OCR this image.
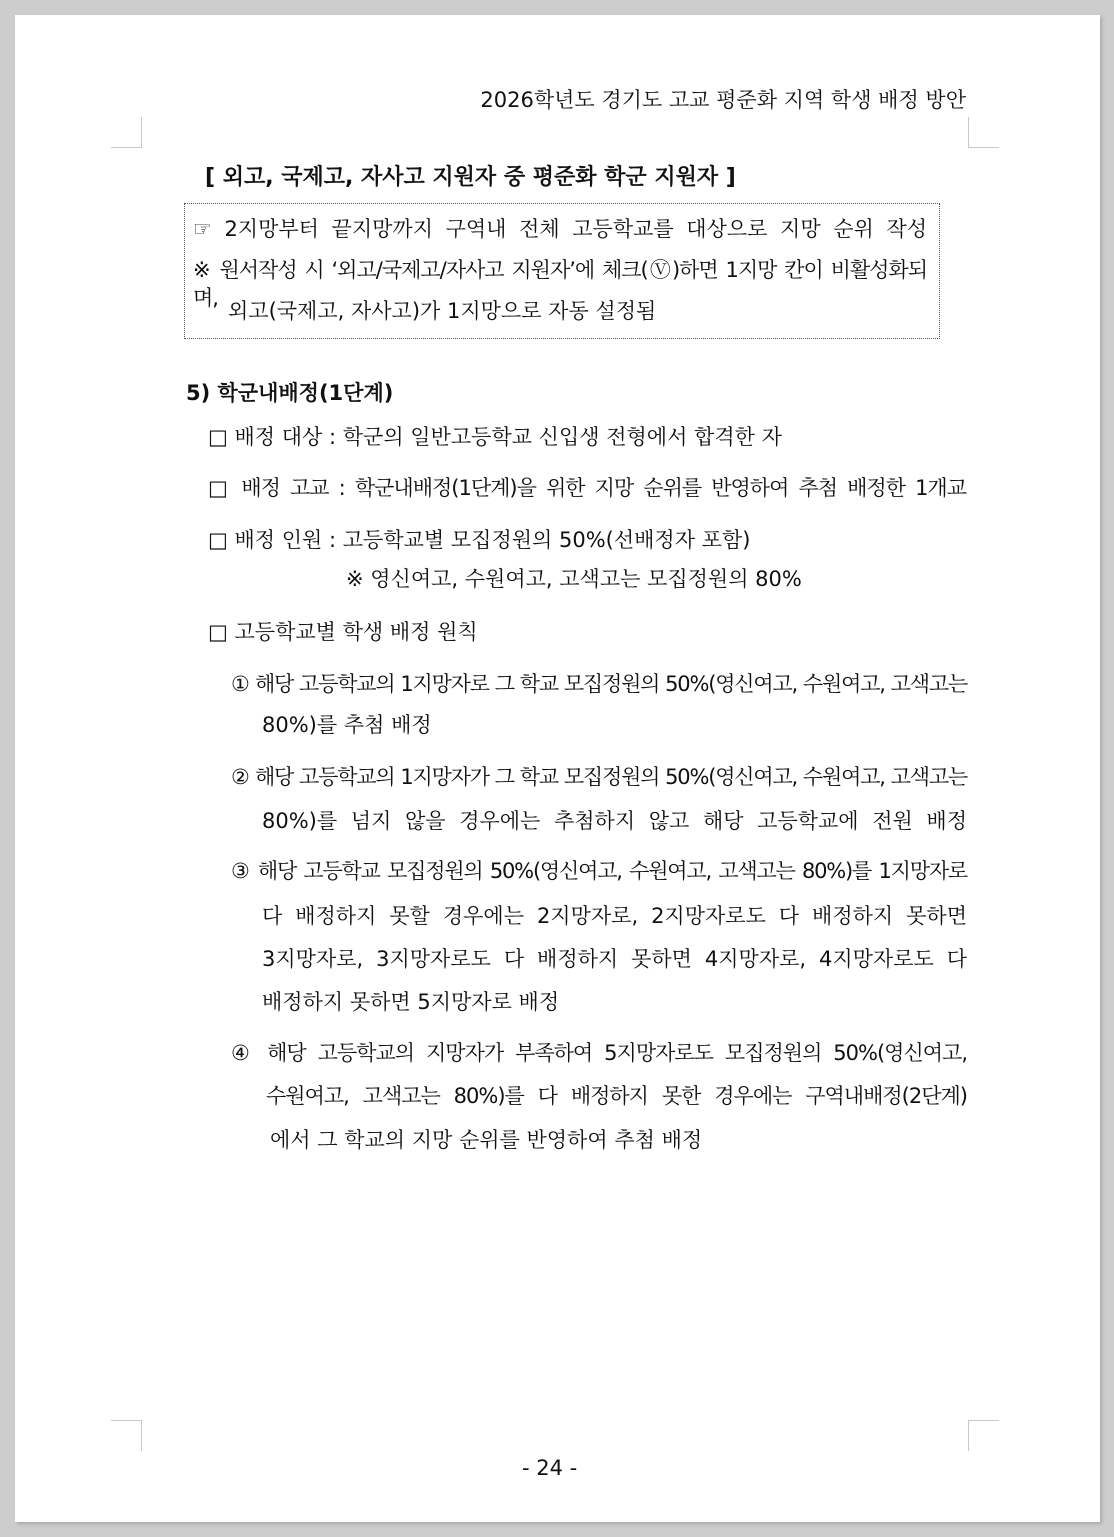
2026학년도 경기도 고교 평준화 지역 학생 배정 방안
[ 외고, 국제고, 자사고 지원자 중 평준화 학군 지원자 ]
☞ 2지망부터 끝지망까지 구역내 전체 고등학교를 대상으로 지망 순위 작성
※ 원서작성 시 ‘외고/국제고/자사고 지원자’에 체크(Ⓥ)하면 1지망 칸이 비활성화되며,
외고(국제고, 자사고)가 1지망으로 자동 설정됨
5) 학군내배정(1단계)
□ 배정 대상 : 학군의 일반고등학교 신입생 전형에서 합격한 자
□ 배정 고교 : 학군내배정(1단계)을 위한 지망 순위를 반영하여 추첨 배정한 1개교
□ 배정 인원 : 고등학교별 모집정원의 50%(선배정자 포함)
※ 영신여고, 수원여고, 고색고는 모집정원의 80%
□ 고등학교별 학생 배정 원칙
① 해당 고등학교의 1지망자로 그 학교 모집정원의 50%(영신여고, 수원여고, 고색고는
80%)를 추첨 배정
② 해당 고등학교의 1지망자가 그 학교 모집정원의 50%(영신여고, 수원여고, 고색고는
80%)를 넘지 않을 경우에는 추첨하지 않고 해당 고등학교에 전원 배정
③ 해당 고등학교 모집정원의 50%(영신여고, 수원여고, 고색고는 80%)를 1지망자로
다 배정하지 못할 경우에는 2지망자로, 2지망자로도 다 배정하지 못하면
3지망자로, 3지망자로도 다 배정하지 못하면 4지망자로, 4지망자로도 다
배정하지 못하면 5지망자로 배정
④ 해당 고등학교의 지망자가 부족하여 5지망자로도 모집정원의 50%(영신여고,
수원여고, 고색고는 80%)를 다 배정하지 못한 경우에는 구역내배정(2단계)
에서 그 학교의 지망 순위를 반영하여 추첨 배정
- 24 -
